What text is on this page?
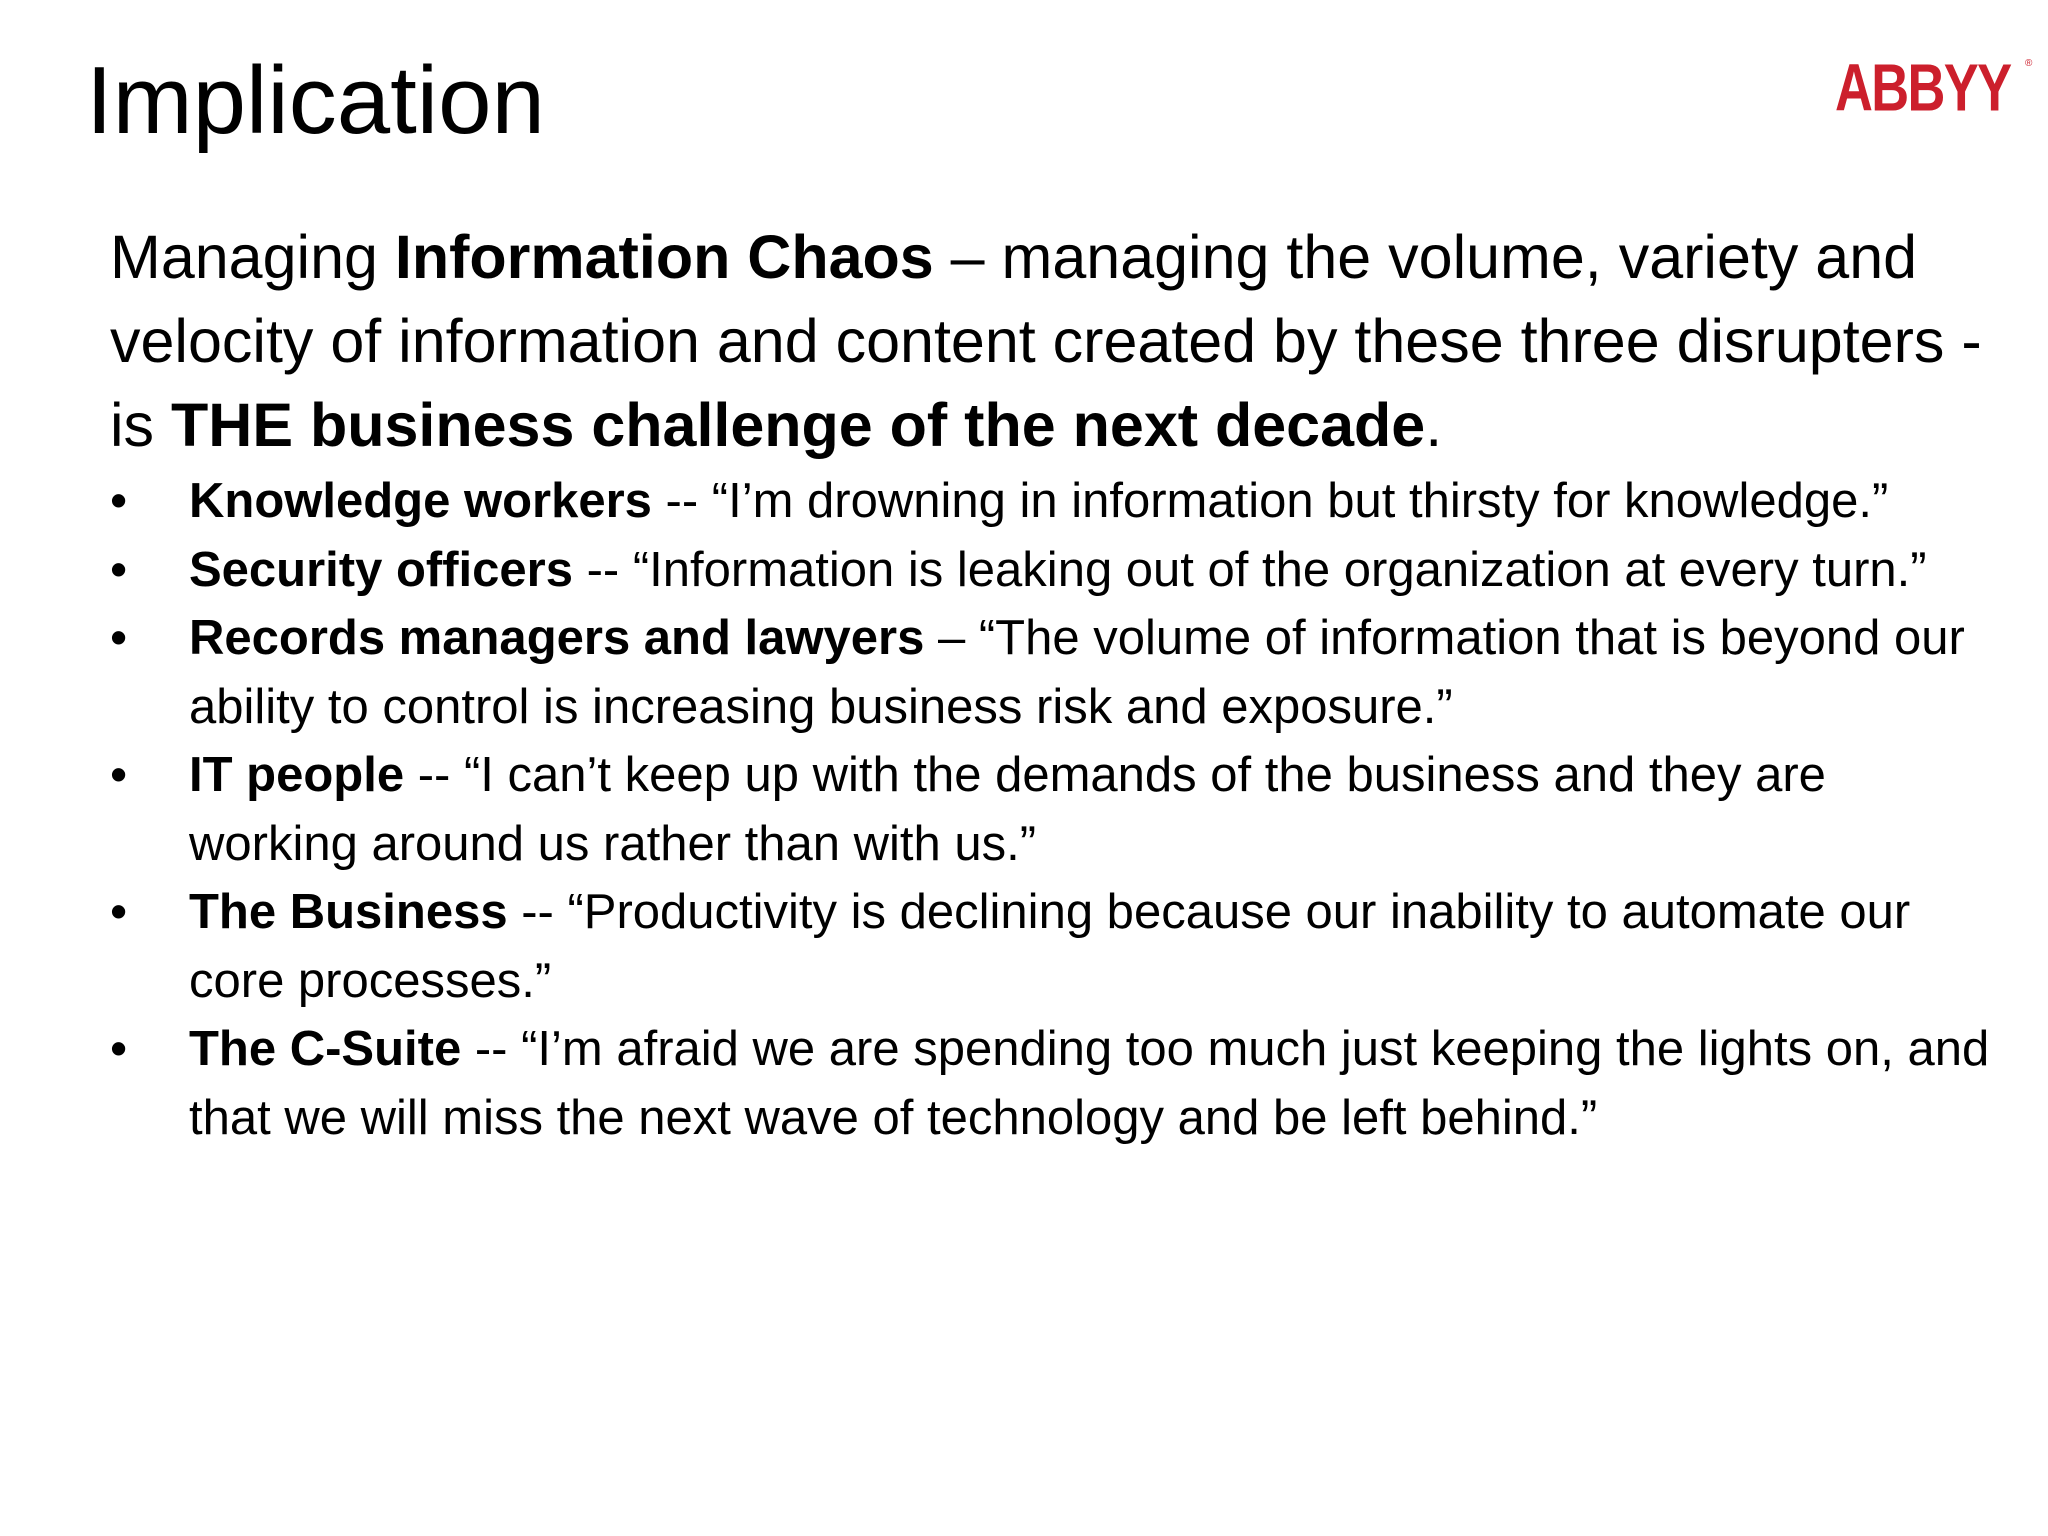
Implication	ABBYY ®

Managing Information Chaos – managing the volume, variety and velocity of information and content created by these three disrupters - is THE business challenge of the next decade.

•	Knowledge workers -- “I’m drowning in information but thirsty for knowledge.”
•	Security officers -- “Information is leaking out of the organization at every turn.”
•	Records managers and lawyers – “The volume of information that is beyond our ability to control is increasing business risk and exposure.”
•	IT people -- “I can’t keep up with the demands of the business and they are working around us rather than with us.”
•	The Business -- “Productivity is declining because our inability to automate our core processes.”
•	The C-Suite -- “I’m afraid we are spending too much just keeping the lights on, and that we will miss the next wave of technology and be left behind.”
